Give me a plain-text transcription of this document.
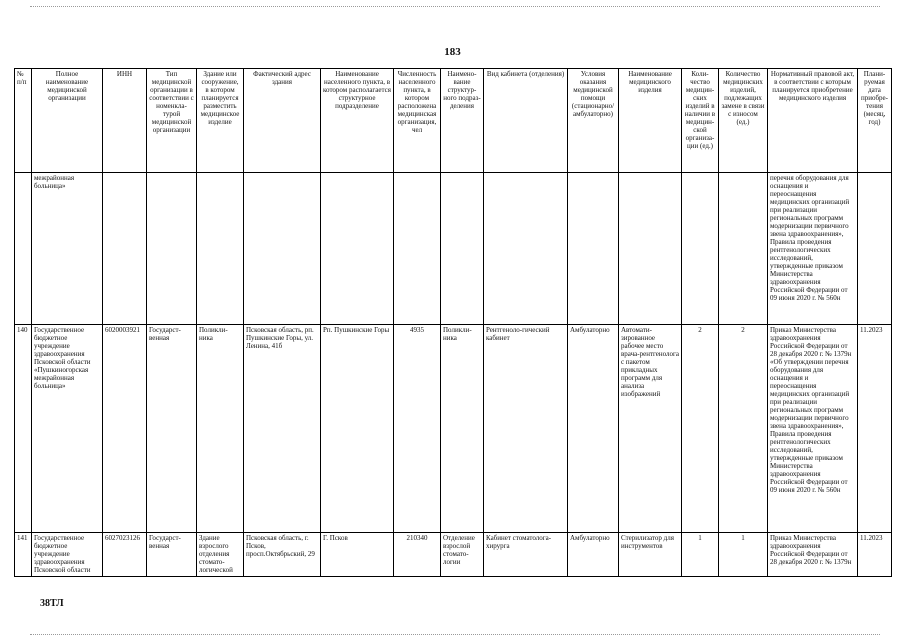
183
№ п/п	Полное наименование медицинской организации	ИНН	Тип медицинской организации в соответствии с номенкла-турой медицинской организации	Здание или сооружение, в котором планируется разместить медицинское изделие	Фактический адрес здания	Наименование населенного пункта, в котором располагается структурное подразделение	Численность населенного пункта, в котором расположена медицинская организация, чел	Наимено-вание структур-ного подраз-деления	Вид кабинета (отделения)	Условия оказания медицинской помощи (стационарно/ амбулаторно)	Наименование медицинского изделия	Коли-чество медицин-ских изделий в наличии в медицин-ской организа-ции (ед.)	Количество медицинских изделий, подлежащих замене в связи с износом (ед.)	Нормативный правовой акт, в соответствии с которым планируется приобретение медицинского изделия	Плани-руемая дата приобре-тения (месяц, год)
	межрайонная больница»													перечня оборудования для оснащения и переоснащения медицинских организаций при реализации региональных программ модернизации первичного звена здравоохранения», Правила проведения рентгенологических исследований, утвержденные приказом Министерства здравоохранения Российской Федерации от 09 июня 2020 г. № 560н	
140	Государственное бюджетное учреждение здравоохранения Псковской области «Пушкиногорская межрайонная больница»	6020003921	Государст-венная	Поликли-ника	Псковская область, рп. Пушкинские Горы, ул. Ленина, 41б	Рп. Пушкинские Горы	4935	Поликли-ника	Рентгеноло-гический кабинет	Амбулаторно	Автомати-зированное рабочее место врача-рентгенолога с пакетом прикладных программ для анализа изображений	2	2	Приказ Министерства здравоохранения Российской Федерации от 28 декабря 2020 г. № 1379н «Об утверждении перечня оборудования для оснащения и переоснащения медицинских организаций при реализации региональных программ модернизации первичного звена здравоохранения», Правила проведения рентгенологических исследований, утвержденные приказом Министерства здравоохранения Российской Федерации от 09 июня 2020 г. № 560н	11.2023
141	Государственное бюджетное учреждение здравоохранения Псковской области	6027023126	Государст-венная	Здание взрослого отделения стомато-логической	Псковская область, г. Псков, просп.Октябрьский, 29	Г. Псков	210340	Отделение взрослой стомато-логии	Кабинет стоматолога-хирурга	Амбулаторно	Стерилизатор для инструментов	1	1	Приказ Министерства здравоохранения Российской Федерации от 28 декабря 2020 г. № 1379н	11.2023
38ТЛ
